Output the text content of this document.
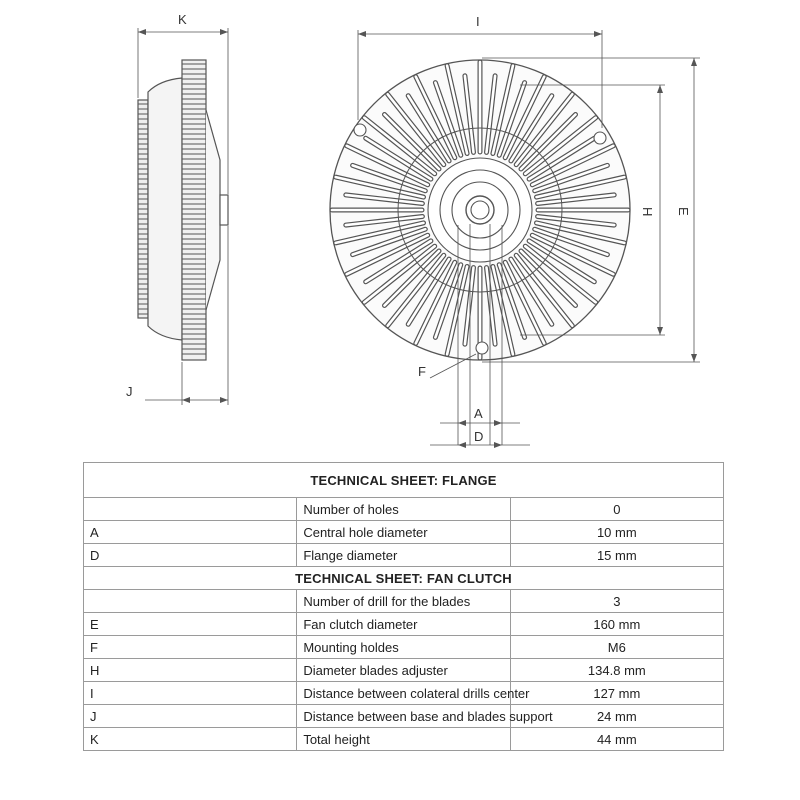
K
J
I
E
H
F
A
D
TECHNICAL SHEET: FLANGE		
	Number of holes	0
A	Central hole diameter	10 mm
D	Flange diameter	15 mm
TECHNICAL SHEET: FAN CLUTCH		
	Number of drill for the blades	3
E	Fan clutch diameter	160 mm
F	Mounting holdes	M6
H	Diameter blades adjuster	134.8 mm
I	Distance between colateral drills center	127 mm
J	Distance between base and blades support	24 mm
K	Total height	44 mm
